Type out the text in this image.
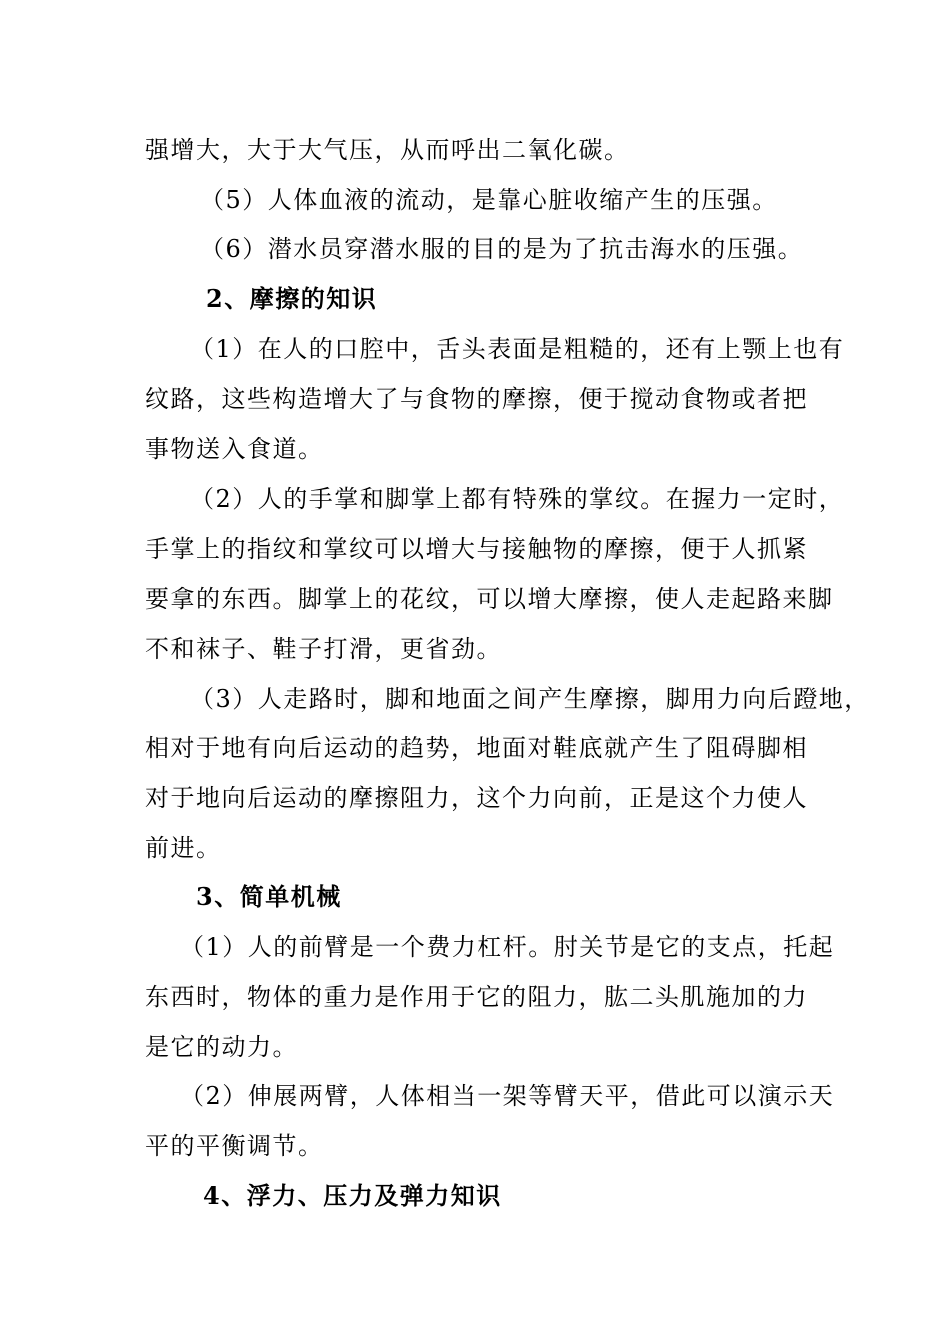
强增大，大于大气压，从而呼出二氧化碳。
（5）人体血液的流动，是靠心脏收缩产生的压强。
（6）潜水员穿潜水服的目的是为了抗击海水的压强。
2、摩擦的知识
（1）在人的口腔中，舌头表面是粗糙的，还有上颚上也有
纹路，这些构造增大了与食物的摩擦，便于搅动食物或者把
事物送入食道。
（2）人的手掌和脚掌上都有特殊的掌纹。在握力一定时，
手掌上的指纹和掌纹可以增大与接触物的摩擦，便于人抓紧
要拿的东西。脚掌上的花纹，可以增大摩擦，使人走起路来脚
不和袜子、鞋子打滑，更省劲。
（3）人走路时，脚和地面之间产生摩擦，脚用力向后蹬地，
相对于地有向后运动的趋势，地面对鞋底就产生了阻碍脚相
对于地向后运动的摩擦阻力，这个力向前，正是这个力使人
前进。
3、简单机械
（1）人的前臂是一个费力杠杆。肘关节是它的支点，托起
东西时，物体的重力是作用于它的阻力，肱二头肌施加的力
是它的动力。
（2）伸展两臂，人体相当一架等臂天平，借此可以演示天
平的平衡调节。
4、浮力、压力及弹力知识
